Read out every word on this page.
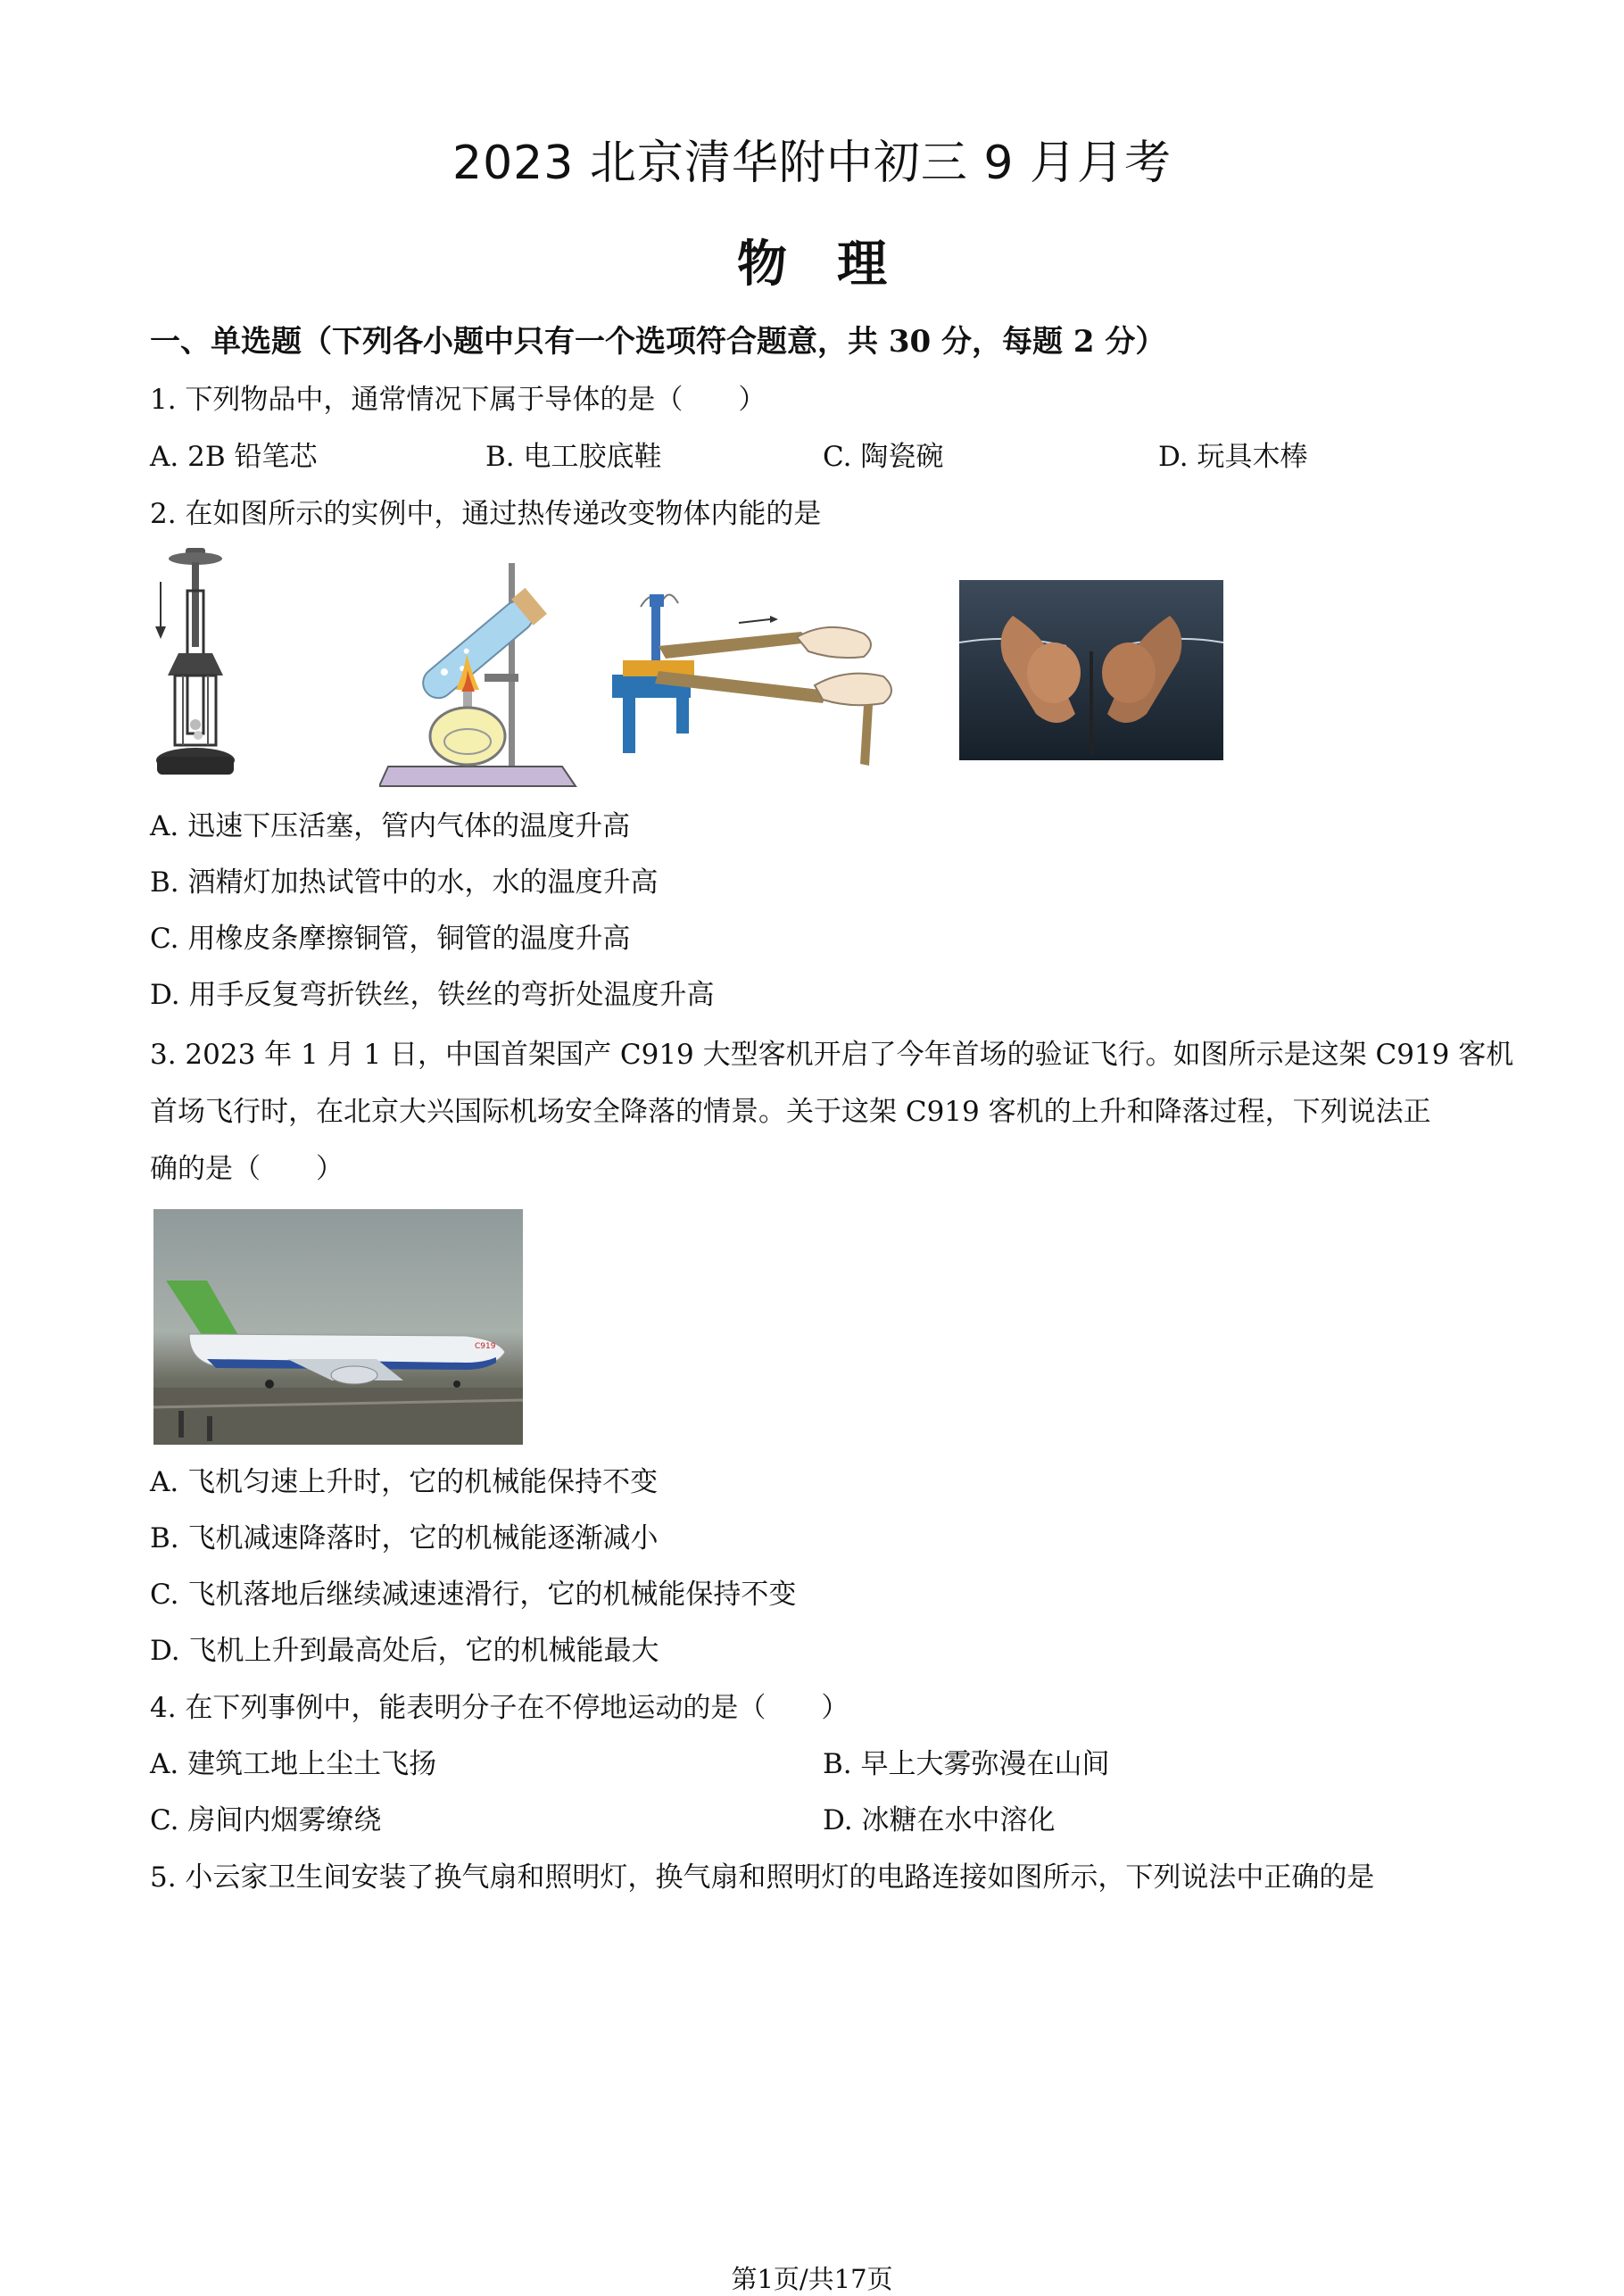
2023 北京清华附中初三 9 月月考
物　理
一、单选题（下列各小题中只有一个选项符合题意，共 30 分，每题 2 分）
1. 下列物品中，通常情况下属于导体的是（　　）
A. 2B 铅笔芯	B. 电工胶底鞋	C. 陶瓷碗	D. 玩具木棒
2. 在如图所示的实例中，通过热传递改变物体内能的是
A. 迅速下压活塞，管内气体的温度升高
B. 酒精灯加热试管中的水，水的温度升高
C. 用橡皮条摩擦铜管，铜管的温度升高
D. 用手反复弯折铁丝，铁丝的弯折处温度升高
3. 2023 年 1 月 1 日，中国首架国产 C919 大型客机开启了今年首场的验证飞行。如图所示是这架 C919 客机
首场飞行时，在北京大兴国际机场安全降落的情景。关于这架 C919 客机的上升和降落过程，下列说法正
确的是（　　）
C919
A. 飞机匀速上升时，它的机械能保持不变
B. 飞机减速降落时，它的机械能逐渐减小
C. 飞机落地后继续减速速滑行，它的机械能保持不变
D. 飞机上升到最高处后，它的机械能最大
4. 在下列事例中，能表明分子在不停地运动的是（　　）
A. 建筑工地上尘土飞扬	B. 早上大雾弥漫在山间
C. 房间内烟雾缭绕	D. 冰糖在水中溶化
5. 小云家卫生间安装了换气扇和照明灯，换气扇和照明灯的电路连接如图所示，下列说法中正确的是
第1页/共17页
